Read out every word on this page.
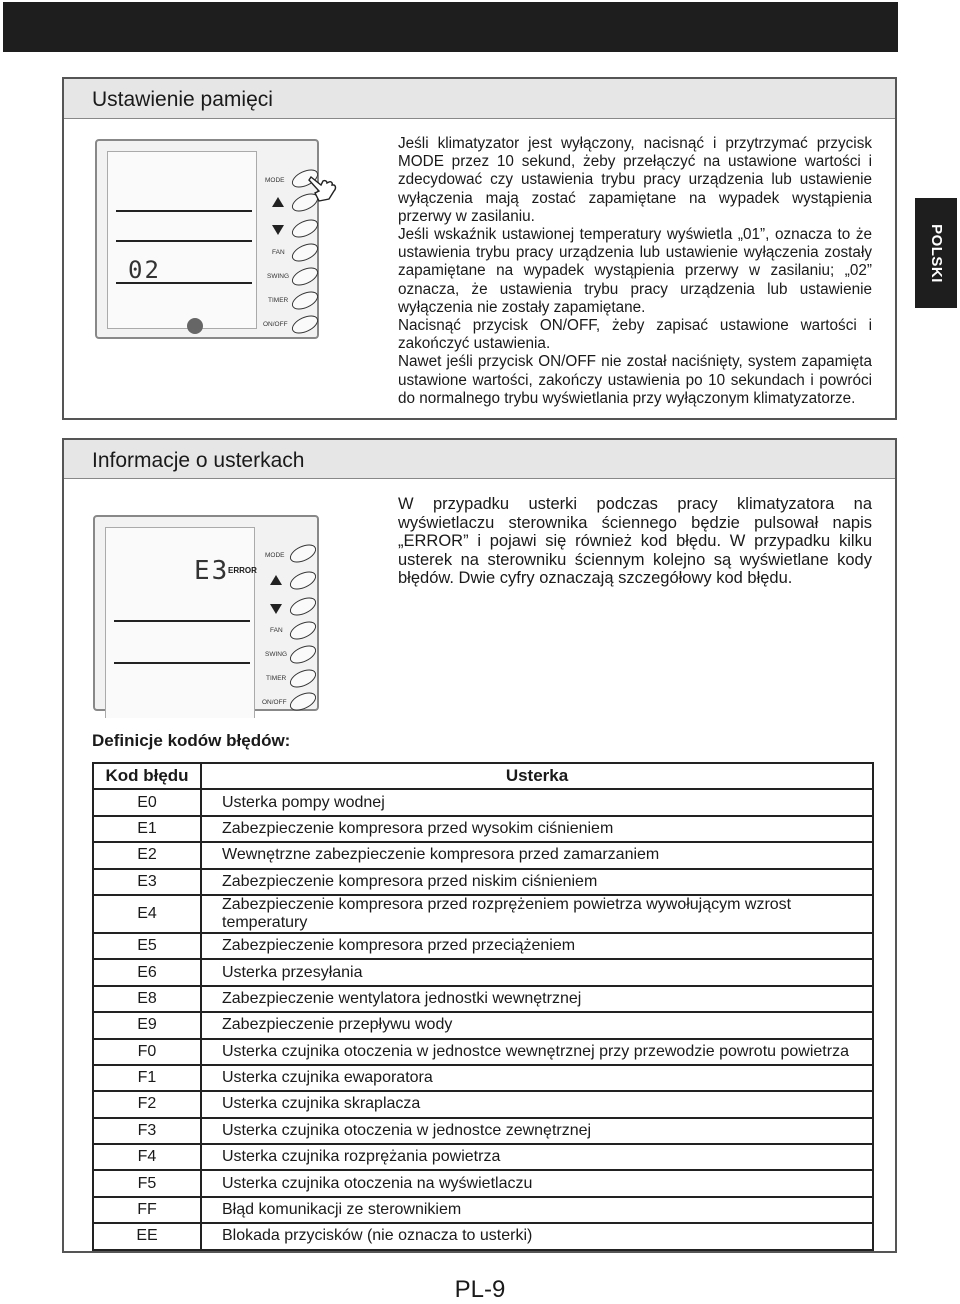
POLSKI
Ustawienie pamięci
02
MODE
FAN
SWING
TIMER
ON/OFF

Jeśli klimatyzator jest wyłączony, nacisnąć i przytrzymać przycisk MODE przez 10 sekund, żeby przełączyć na ustawione wartości i zdecydować czy ustawienia trybu pracy urządzenia lub ustawienie wyłączenia mają zostać zapamiętane na wypadek wystąpienia przerwy w zasilaniu.

Jeśli wskaźnik ustawionej temperatury wyświetla „01”, oznacza to że ustawienia trybu pracy urządzenia lub ustawienie wyłączenia zostały zapamiętane na wypadek wystąpienia przerwy w zasilaniu; „02” oznacza, że ustawienia trybu pracy urządzenia lub ustawienie wyłączenia nie zostały zapamiętane.

Nacisnąć przycisk ON/OFF, żeby zapisać ustawione wartości i zakończyć ustawienia.

Nawet jeśli przycisk ON/OFF nie został naciśnięty, system zapamięta ustawione wartości, zakończy ustawienia po 10 sekundach i powróci do normalnego trybu wyświetlania przy wyłączonym klimatyzatorze.

Informacje o usterkach
E3
ERROR
MODE
FAN
SWING
TIMER
ON/OFF
W przypadku usterki podczas pracy klimatyzatora na wyświetlaczu sterownika ściennego będzie pulsował napis „ERROR” i pojawi się również kod błędu. W przypadku kilku usterek na sterowniku ściennym kolejno są wyświetlane kody błędów. Dwie cyfry oznaczają szczegółowy kod błędu.
Definicje kodów błędów:
Kod błędu	Usterka
E0	Usterka pompy wodnej
E1	Zabezpieczenie kompresora przed wysokim ciśnieniem
E2	Wewnętrzne zabezpieczenie kompresora przed zamarzaniem
E3	Zabezpieczenie kompresora przed niskim ciśnieniem
E4	Zabezpieczenie kompresora przed rozprężeniem powietrza wywołującym wzrost temperatury
E5	Zabezpieczenie kompresora przed przeciążeniem
E6	Usterka przesyłania
E8	Zabezpieczenie wentylatora jednostki wewnętrznej
E9	Zabezpieczenie przepływu wody
F0	Usterka czujnika otoczenia w jednostce wewnętrznej przy przewodzie powrotu powietrza
F1	Usterka czujnika ewaporatora
F2	Usterka czujnika skraplacza
F3	Usterka czujnika otoczenia w jednostce zewnętrznej
F4	Usterka czujnika rozprężania powietrza
F5	Usterka czujnika otoczenia na wyświetlaczu
FF	Błąd komunikacji ze sterownikiem
EE	Blokada przycisków (nie oznacza to usterki)
PL-9
